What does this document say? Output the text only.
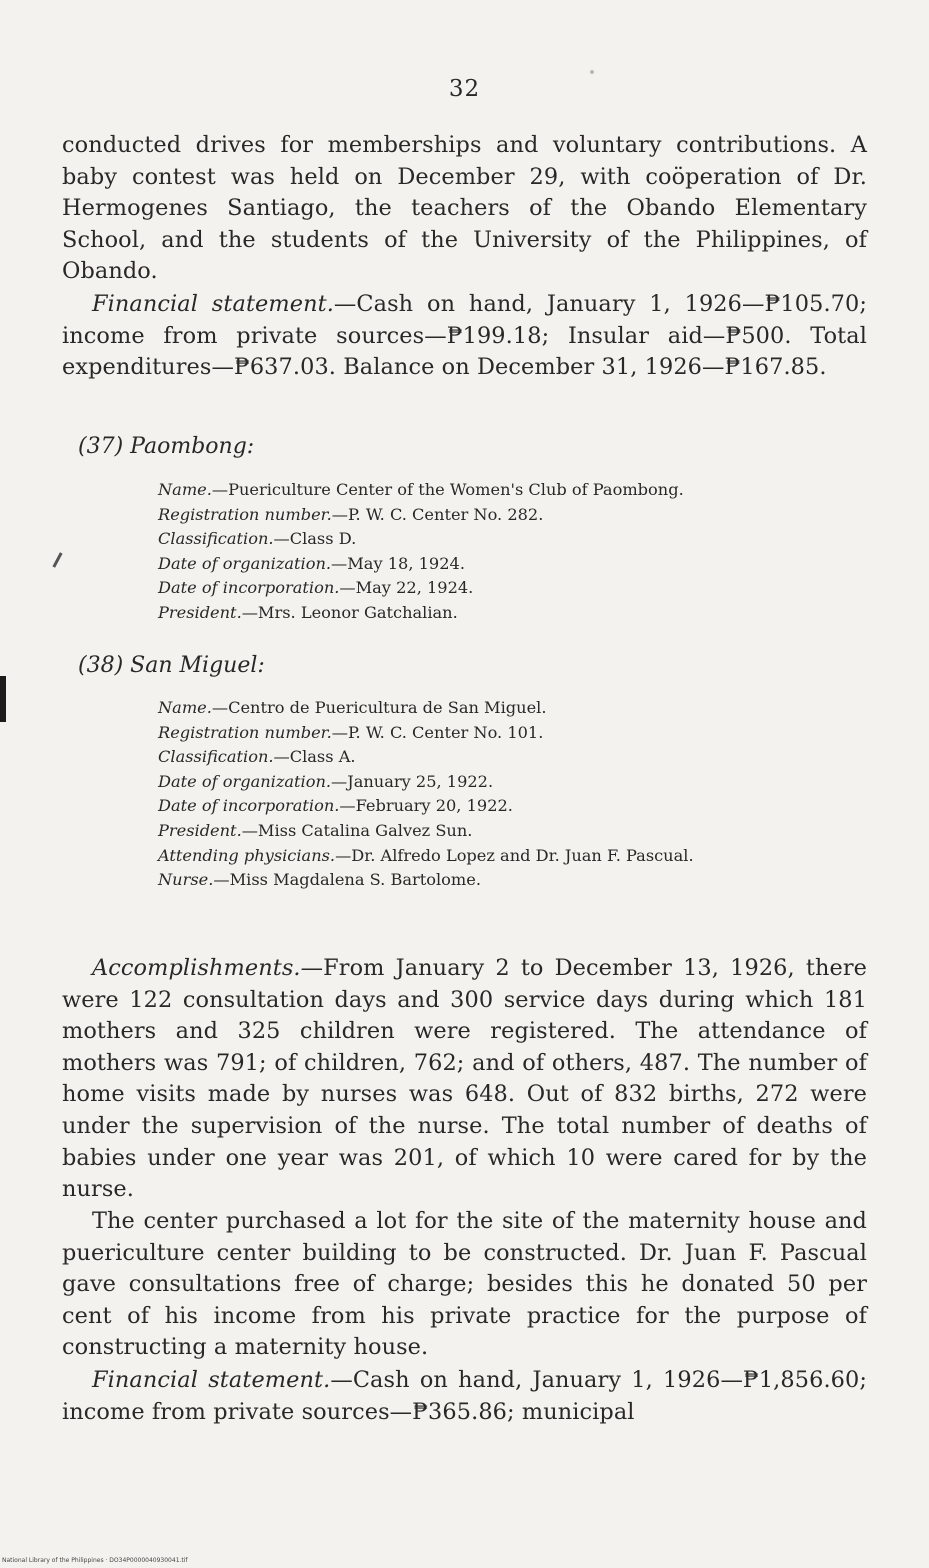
32

conducted drives for memberships and voluntary contributions. A baby contest was held on December 29, with coöperation of Dr. Hermogenes Santiago, the teachers of the Obando Elementary School, and the students of the University of the Philippines, of Obando.

Financial statement.—Cash on hand, January 1, 1926—₱105.70; income from private sources—₱199.18; Insular aid—₱500. Total expenditures—₱637.03. Balance on December 31, 1926—₱167.85.

(37) Paombong:

Name.—Puericulture Center of the Women's Club of Paombong.
Registration number.—P. W. C. Center No. 282.
Classification.—Class D.
Date of organization.—May 18, 1924.
Date of incorporation.—May 22, 1924.
President.—Mrs. Leonor Gatchalian.

(38) San Miguel:

Name.—Centro de Puericultura de San Miguel.
Registration number.—P. W. C. Center No. 101.
Classification.—Class A.
Date of organization.—January 25, 1922.
Date of incorporation.—February 20, 1922.
President.—Miss Catalina Galvez Sun.
Attending physicians.—Dr. Alfredo Lopez and Dr. Juan F. Pascual.
Nurse.—Miss Magdalena S. Bartolome.

Accomplishments.—From January 2 to December 13, 1926, there were 122 consultation days and 300 service days during which 181 mothers and 325 children were registered. The attendance of mothers was 791; of children, 762; and of others, 487. The number of home visits made by nurses was 648. Out of 832 births, 272 were under the supervision of the nurse. The total number of deaths of babies under one year was 201, of which 10 were cared for by the nurse.

The center purchased a lot for the site of the maternity house and puericulture center building to be constructed. Dr. Juan F. Pascual gave consultations free of charge; besides this he donated 50 per cent of his income from his private practice for the purpose of constructing a maternity house.

Financial statement.—Cash on hand, January 1, 1926—₱1,856.60; income from private sources—₱365.86; municipal

National Library of the Philippines · DO34P0000040930041.tif
